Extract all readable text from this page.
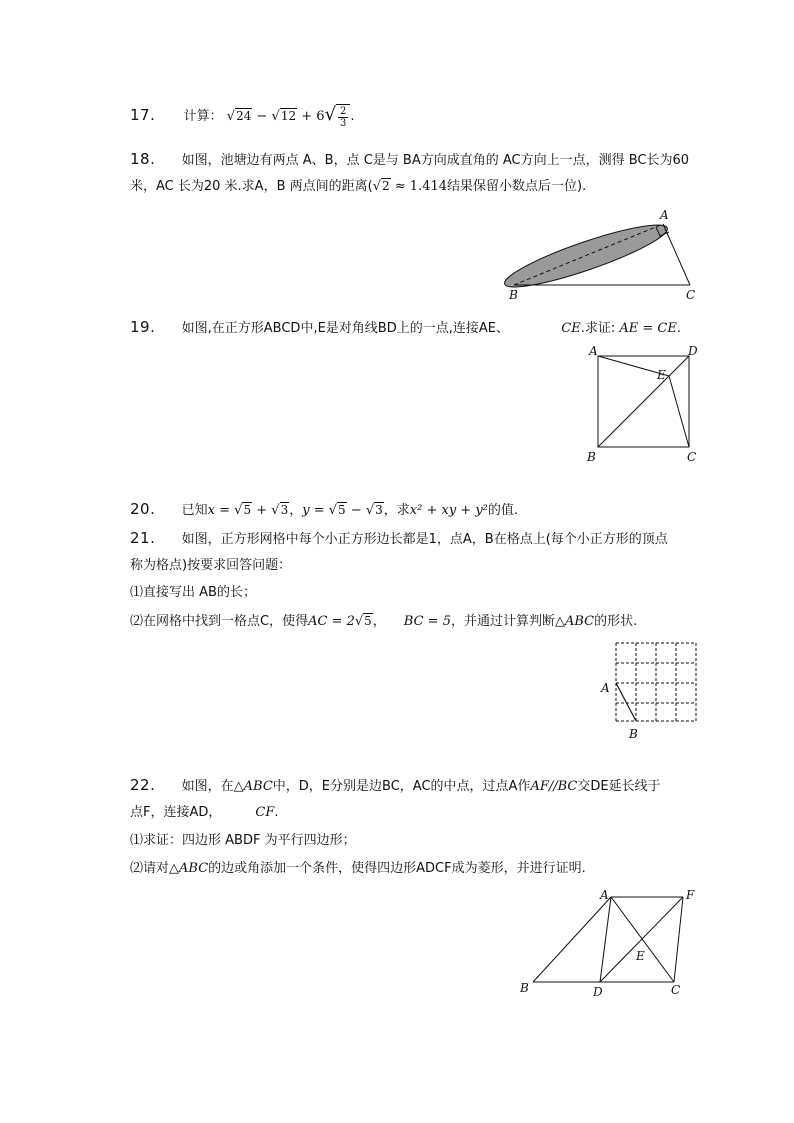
17. 计算： $√24 - √12 + 6√ \frac{2}{3}$ .
18. 如图，池塘边有两点 A、B，点 C是与 BA方向成直角的 AC方向上一点，测得 BC长为60
米，AC 长为20 米.求A，B 两点间的距离(√2 ≈ 1.414结果保留小数点后一位).
A
B	C
19. 如图,在正方形ABCD中,E是对角线BD上的一点,连接AE、	CE.求证: AE = CE.
A	D
E
B	C
20. 已知x = √5 + √3，y = √5 − √3，求x² + xy + y²的值.
21. 如图，正方形网格中每个小正方形边长都是1，点A，B在格点上(每个小正方形的顶点
称为格点)按要求回答问题：
⑴直接写出 AB的长；
⑵在网格中找到一格点C，使得AC = 2√5， BC = 5，并通过计算判断△ABC的形状.
A
B
22. 如图，在△ABC中，D，E分别是边BC，AC的中点，过点A作AF//BC交DE延长线于
点F，连接AD，	CF.
⑴求证：四边形 ABDF 为平行四边形；
⑵请对△ABC的边或角添加一个条件，使得四边形ADCF成为菱形，并进行证明.
A	F
E
B	D	C
